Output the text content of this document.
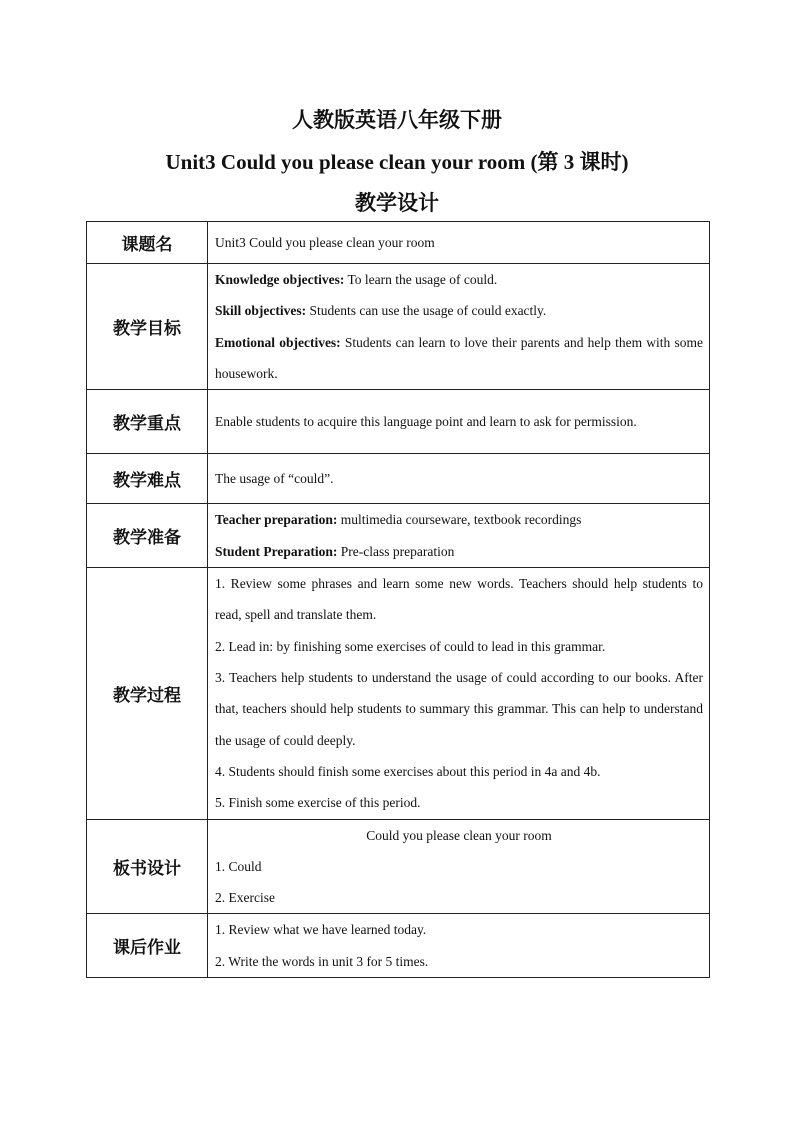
人教版英语八年级下册
Unit3 Could you please clean your room (第 3 课时)
教学设计
课题名	Unit3 Could you please clean your room
教学目标	Knowledge objectives: To learn the usage of could.
Skill objectives: Students can use the usage of could exactly.
Emotional objectives: Students can learn to love their parents and help them with some housework.

教学重点	Enable students to acquire this language point and learn to ask for permission.
教学难点	The usage of “could”.
教学准备	Teacher preparation: multimedia courseware, textbook recordings
Student Preparation: Pre-class preparation

教学过程	1. Review some phrases and learn some new words. Teachers should help students to read, spell and translate them.
2. Lead in: by finishing some exercises of could to lead in this grammar.
3. Teachers help students to understand the usage of could according to our books. After that, teachers should help students to summary this grammar. This can help to understand the usage of could deeply.
4. Students should finish some exercises about this period in 4a and 4b.
5. Finish some exercise of this period.

板书设计	Could you please clean your room
1. Could
2. Exercise

课后作业	1. Review what we have learned today.
2. Write the words in unit 3 for 5 times.
